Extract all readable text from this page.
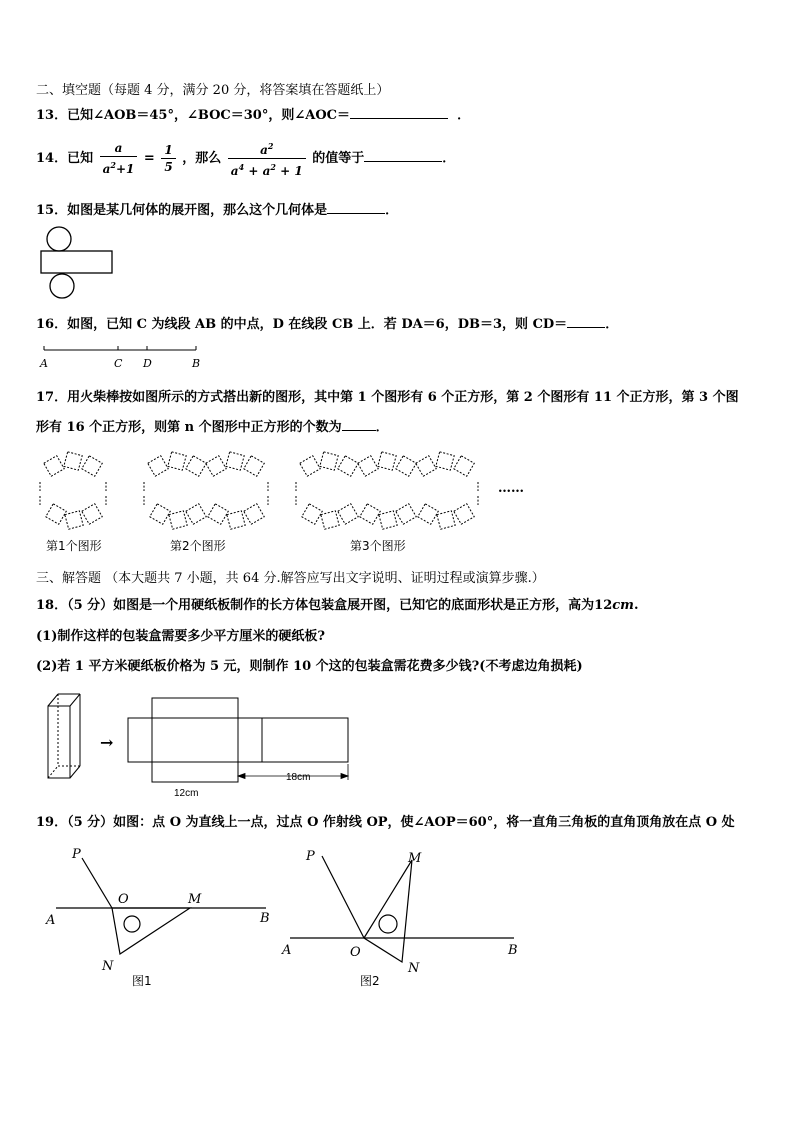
二、填空题（每题 4 分，满分 20 分，将答案填在答题纸上）
13．已知∠AOB＝45°，∠BOC＝30°，则∠AOC＝	．
14．已知 $\frac{a}{a^2+1} = \frac{1}{5}$ ，那么 $\frac{a^2}{a^4 + a^2 + 1}$ 的值等于	．
15．如图是某几何体的展开图，那么这个几何体是	．
16．如图，已知 C 为线段 AB 的中点，D 在线段 CB 上．若 DA＝6，DB＝3，则 CD＝	．
A	C D	B
17．用火柴棒按如图所示的方式搭出新的图形，其中第 1 个图形有 6 个正方形，第 2 个图形有 11 个正方形，第 3 个图
形有 16 个正方形，则第 n 个图形中正方形的个数为	．
第1个图形	第2个图形	第3个图形
……
三、解答题 （本大题共 7 小题，共 64 分.解答应写出文字说明、证明过程或演算步骤.）
18．（5 分）如图是一个用硬纸板制作的长方体包装盒展开图，已知它的底面形状是正方形，高为12cm.
(1)制作这样的包装盒需要多少平方厘米的硬纸板?
(2)若 1 平方米硬纸板价格为 5 元，则制作 10 个这的包装盒需花费多少钱?(不考虑边角损耗)
→
18cm
12cm
19．（5 分）如图：点 O 为直线上一点，过点 O 作射线 OP，使∠AOP＝60°，将一直角三角板的直角顶角放在点 O 处
P
O	M
A	B
N
图1
P	M
A	O	B
N
图2
